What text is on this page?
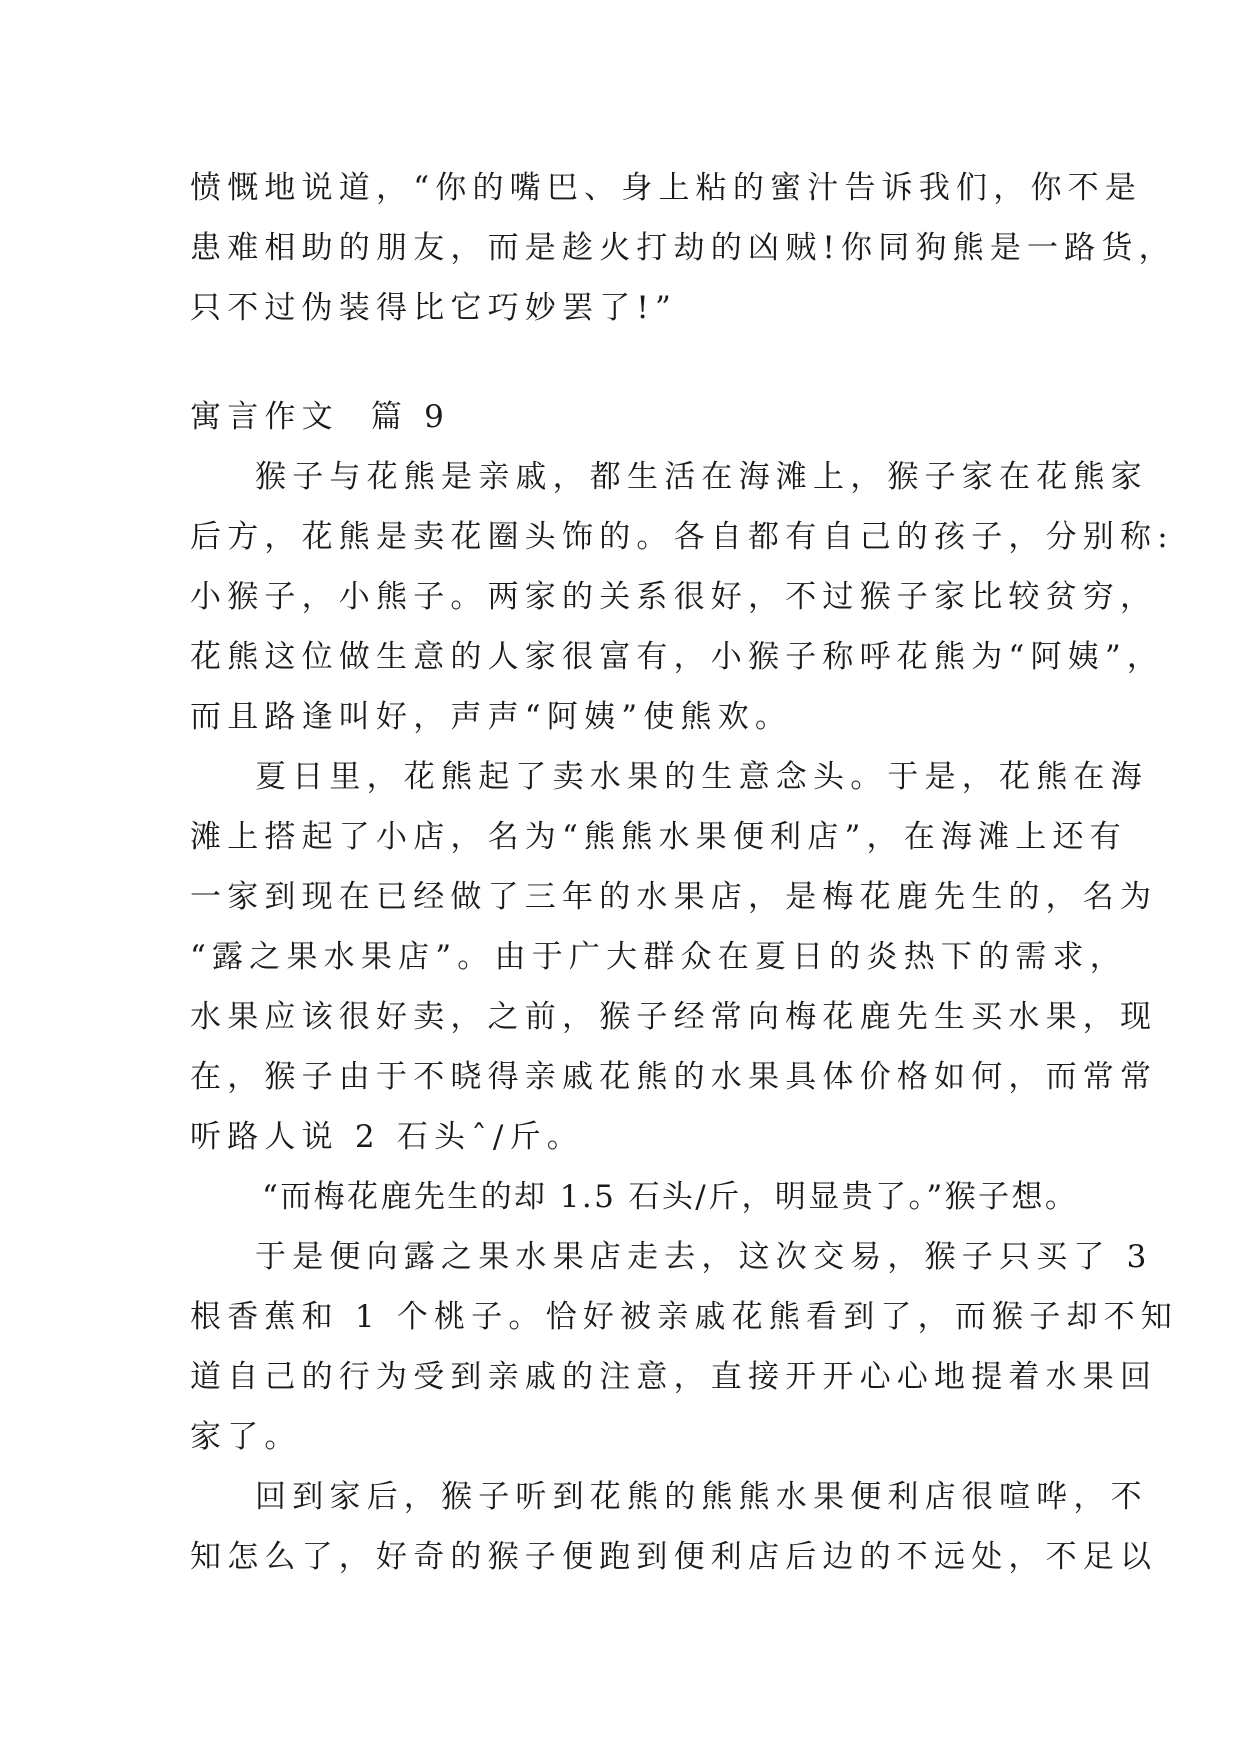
愤慨地说道，“你的嘴巴、身上粘的蜜汁告诉我们，你不是
患难相助的朋友，而是趁火打劫的凶贼!你同狗熊是一路货，
只不过伪装得比它巧妙罢了!”
寓言作文  篇 9
猴子与花熊是亲戚，都生活在海滩上，猴子家在花熊家
后方，花熊是卖花圈头饰的。各自都有自己的孩子，分别称:
小猴子，小熊子。两家的关系很好，不过猴子家比较贫穷，
花熊这位做生意的人家很富有，小猴子称呼花熊为“阿姨”，
而且路逢叫好，声声“阿姨”使熊欢。
夏日里，花熊起了卖水果的生意念头。于是，花熊在海
滩上搭起了小店，名为“熊熊水果便利店”，在海滩上还有
一家到现在已经做了三年的水果店，是梅花鹿先生的，名为
“露之果水果店”。由于广大群众在夏日的炎热下的需求，
水果应该很好卖，之前，猴子经常向梅花鹿先生买水果，现
在，猴子由于不晓得亲戚花熊的水果具体价格如何，而常常
听路人说 2 石头ˆ/斤。
“而梅花鹿先生的却 1.5 石头/斤，明显贵了。”猴子想。
于是便向露之果水果店走去，这次交易，猴子只买了 3
根香蕉和 1 个桃子。恰好被亲戚花熊看到了，而猴子却不知
道自己的行为受到亲戚的注意，直接开开心心地提着水果回
家了。
回到家后，猴子听到花熊的熊熊水果便利店很喧哗，不
知怎么了，好奇的猴子便跑到便利店后边的不远处，不足以
